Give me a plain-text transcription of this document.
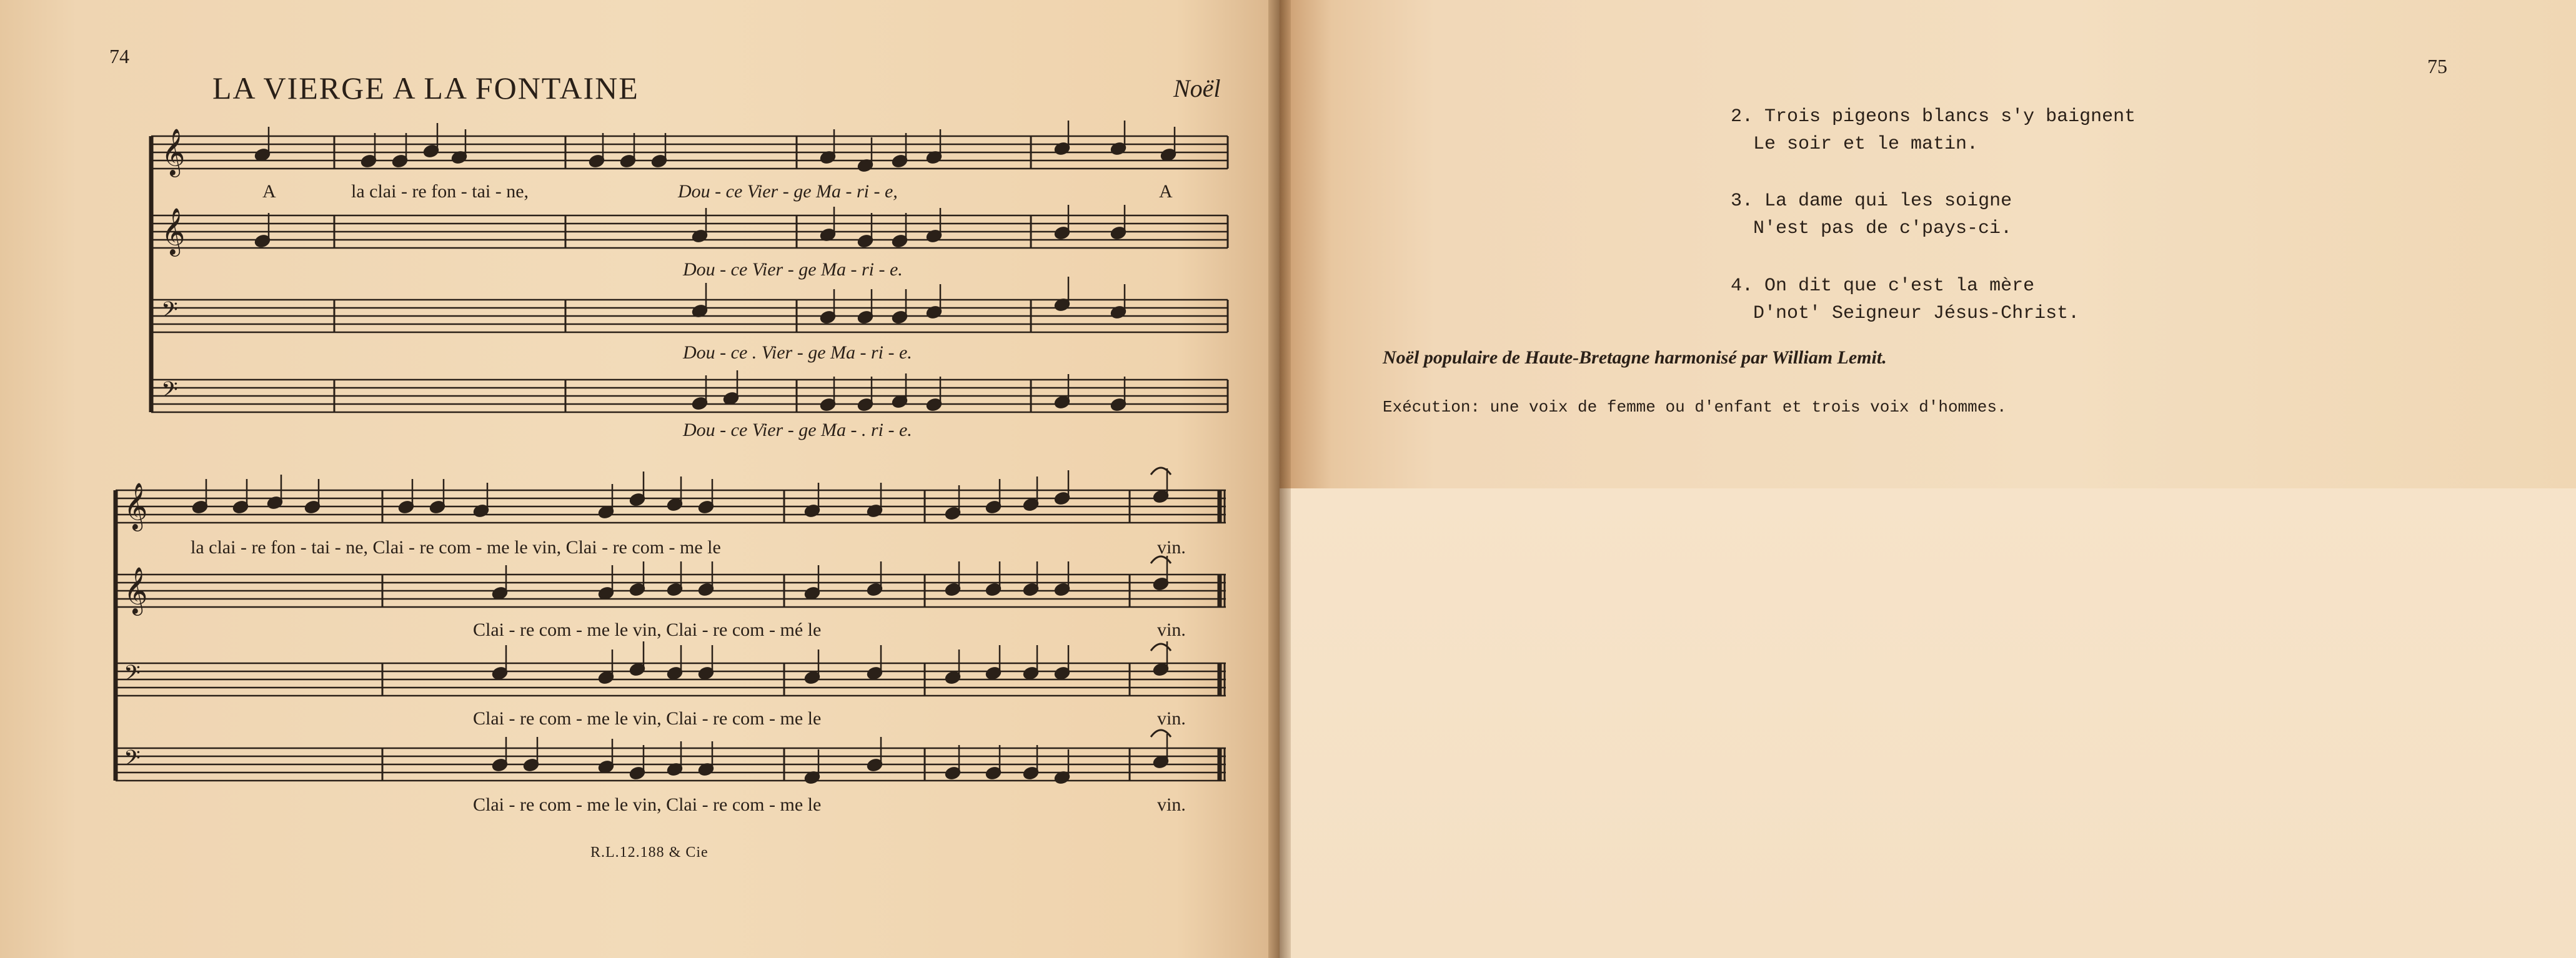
74
LA VIERGE A LA FONTAINE	Noël
𝄞
𝄞
𝄢
𝄢
𝄞
𝄞
𝄢
𝄢
A	la clai - re fon - tai - ne,	Dou - ce Vier - ge Ma - ri - e,	A
Dou - ce Vier - ge Ma - ri - e.
Dou - ce . Vier - ge Ma - ri - e.
Dou - ce Vier - ge Ma - . ri - e.
la clai - re fon - tai - ne, Clai - re com - me le vin, Clai - re com - me le	vin.
Clai - re com - me le vin, Clai - re com - mé le	vin.
Clai - re com - me le vin, Clai - re com - me le	vin.
Clai - re com - me le vin, Clai - re com - me le	vin.
R.L.12.188 & Cie
75
2. Trois pigeons blancs s'y baignent
Le soir et le matin.
3. La dame qui les soigne
N'est pas de c'pays-ci.
4. On dit que c'est la mère
D'not' Seigneur Jésus-Christ.
Noël populaire de Haute-Bretagne harmonisé par William Lemit.
Exécution: une voix de femme ou d'enfant et trois voix d'hommes.
